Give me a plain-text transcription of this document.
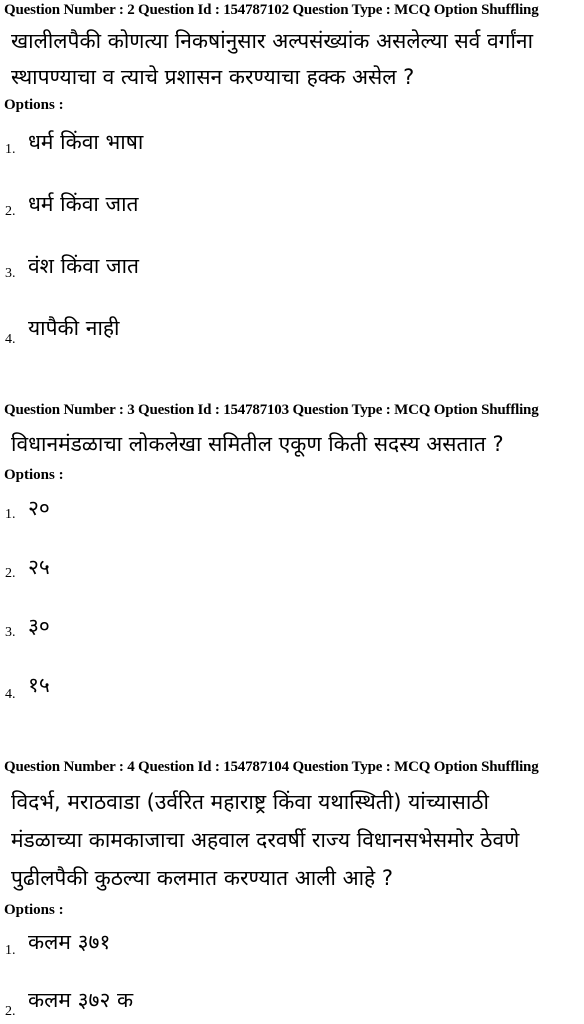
Question Number : 2 Question Id : 154787102 Question Type : MCQ Option Shuffling
खालीलपैकी कोणत्या निकषांनुसार अल्पसंख्यांक असलेल्या सर्व वर्गांना
स्थापण्याचा व त्याचे प्रशासन करण्याचा हक्क असेल ?
Options :
1. धर्म किंवा भाषा
2. धर्म किंवा जात
3. वंश किंवा जात
4. यापैकी नाही
Question Number : 3 Question Id : 154787103 Question Type : MCQ Option Shuffling
विधानमंडळाचा लोकलेखा समितील एकूण किती सदस्य असतात ?
Options :
1. २०
2. २५
3. ३०
4. १५
Question Number : 4 Question Id : 154787104 Question Type : MCQ Option Shuffling
विदर्भ, मराठवाडा (उर्वरित महाराष्ट्र किंवा यथास्थिती) यांच्यासाठी
मंडळाच्या कामकाजाचा अहवाल दरवर्षी राज्य विधानसभेसमोर ठेवणे
पुढीलपैकी कुठल्या कलमात करण्यात आली आहे ?
Options :
1. कलम ३७१
2. कलम ३७२ क
